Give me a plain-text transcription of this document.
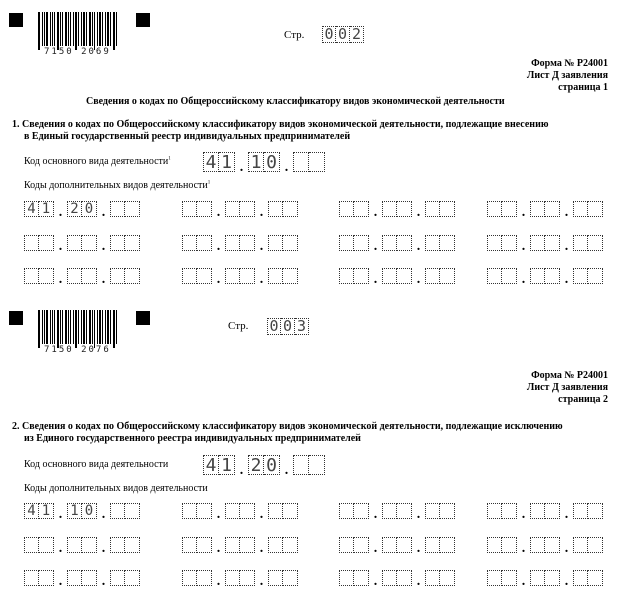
7150 2069
Стр. 0 0 2
Форма № Р24001
Лист Д заявления
страница 1
Сведения о кодах по Общероссийскому классификатору видов экономической деятельности
1. Сведения о кодах по Общероссийскому классификатору видов экономической деятельности, подлежащие внесению
в Единый государственный реестр индивидуальных предпринимателей
Код основного вида деятельности$^1$ 4 1 . 1 0 .
Коды дополнительных видов деятельности$^1$
4 1 . 2 0 .	.	.	.	.	.	.
.	.	.	.	.	.	.	.
.	.	.	.	.	.	.	.
7150 2076
Стр. 0 0 3
Форма № Р24001
Лист Д заявления
страница 2
2. Сведения о кодах по Общероссийскому классификатору видов экономической деятельности, подлежащие исключению
из Единого государственного реестра индивидуальных предпринимателей
Код основного вида деятельности 4 1 . 2 0 .
Коды дополнительных видов деятельности
4 1 . 1 0 .	.	.	.	.	.	.
.	.	.	.	.	.	.	.
.	.	.	.	.	.	.	.
